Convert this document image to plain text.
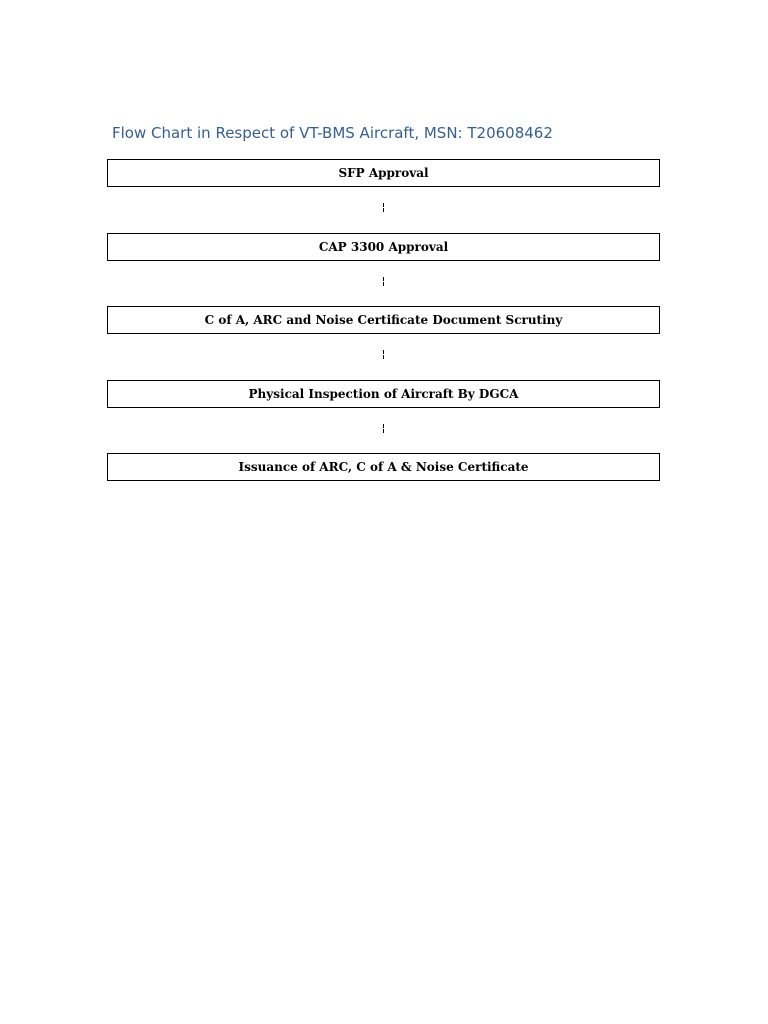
Flow Chart in Respect of VT-BMS Aircraft, MSN: T20608462
SFP Approval
CAP 3300 Approval
C of A, ARC and Noise Certificate Document Scrutiny
Physical Inspection of Aircraft By DGCA
Issuance of ARC, C of A & Noise Certificate
